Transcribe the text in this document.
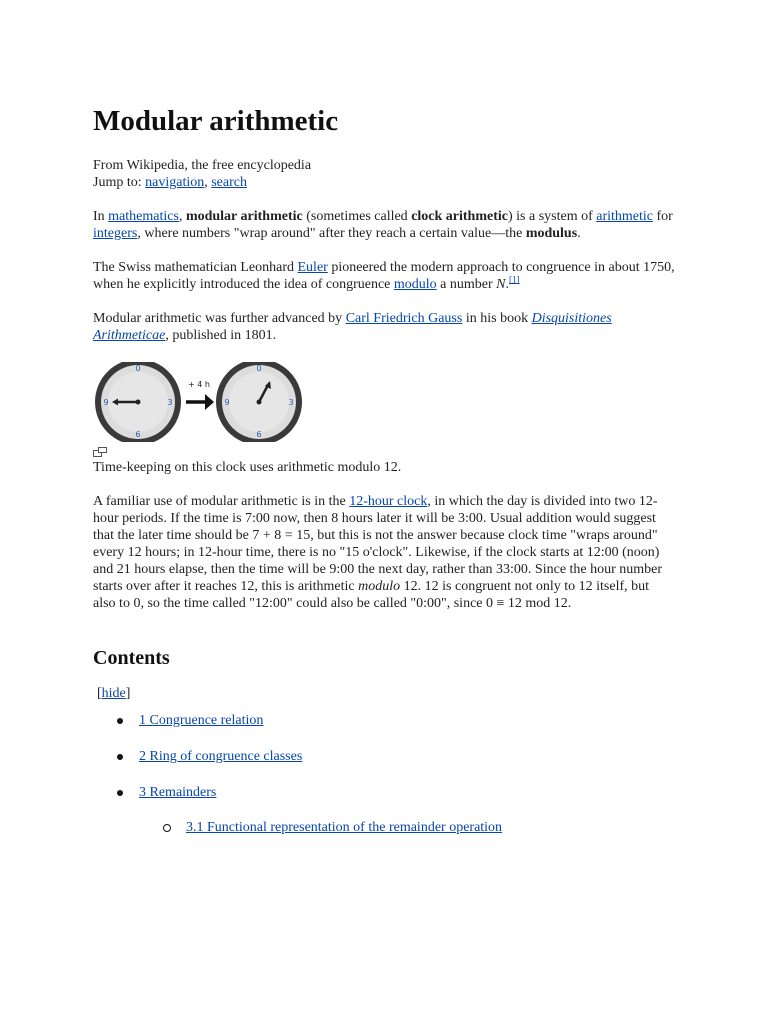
Modular arithmetic
From Wikipedia, the free encyclopedia
Jump to: navigation, search

In mathematics, modular arithmetic (sometimes called clock arithmetic) is a system of arithmetic for integers, where numbers "wrap around" after they reach a certain value—the modulus.

The Swiss mathematician Leonhard Euler pioneered the modern approach to congruence in about 1750, when he explicitly introduced the idea of congruence modulo a number N.[1]

Modular arithmetic was further advanced by Carl Friedrich Gauss in his book Disquisitiones Arithmeticae, published in 1801.

0
3
6
9
+ 4 h
0
3
6
9
Time-keeping on this clock uses arithmetic modulo 12.

A familiar use of modular arithmetic is in the 12-hour clock, in which the day is divided into two 12-hour periods. If the time is 7:00 now, then 8 hours later it will be 3:00. Usual addition would suggest that the later time should be 7 + 8 = 15, but this is not the answer because clock time "wraps around" every 12 hours; in 12-hour time, there is no "15 o'clock". Likewise, if the clock starts at 12:00 (noon) and 21 hours elapse, then the time will be 9:00 the next day, rather than 33:00. Since the hour number starts over after it reaches 12, this is arithmetic modulo 12. 12 is congruent not only to 12 itself, but also to 0, so the time called "12:00" could also be called "0:00", since 0 ≡ 12 mod 12.

Contents
[hide]
1 Congruence relation
2 Ring of congruence classes
3 Remainders
3.1 Functional representation of the remainder operation
